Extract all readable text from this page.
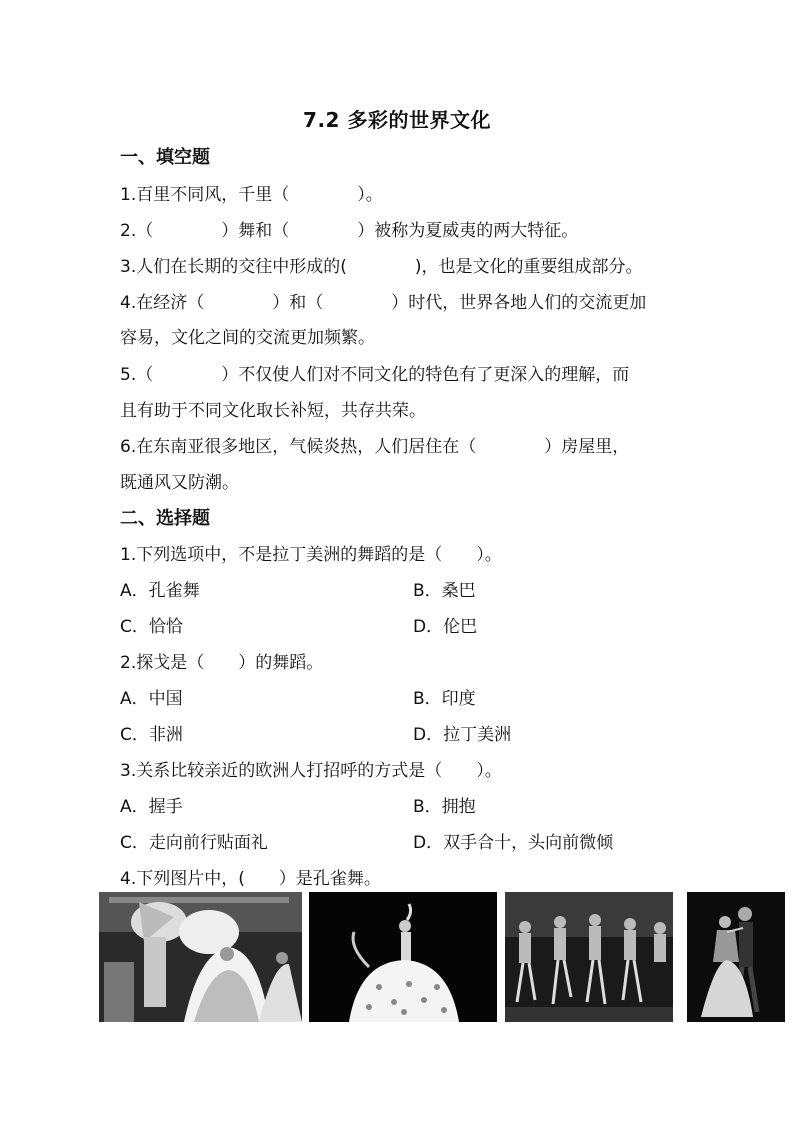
7.2 多彩的世界文化
一、填空题
1.百里不同风，千里（　　　　）。
2.（　　　　）舞和（　　　　）被称为夏威夷的两大特征。
3.人们在长期的交往中形成的(　　　　)，也是文化的重要组成部分。
4.在经济（　　　　）和（　　　　）时代，世界各地人们的交流更加
容易，文化之间的交流更加频繁。
5.（　　　　）不仅使人们对不同文化的特色有了更深入的理解，而
且有助于不同文化取长补短，共存共荣。
6.在东南亚很多地区，气候炎热，人们居住在（　　　　）房屋里，
既通风又防潮。
二、选择题
1.下列选项中，不是拉丁美洲的舞蹈的是（　　）。
A．孔雀舞	B．桑巴
C．恰恰	D．伦巴
2.探戈是（　　）的舞蹈。
A．中国	B．印度
C．非洲	D．拉丁美洲
3.关系比较亲近的欧洲人打招呼的方式是（　　）。
A．握手	B．拥抱
C．走向前行贴面礼	D．双手合十，头向前微倾
4.下列图片中，(　　）是孔雀舞。
